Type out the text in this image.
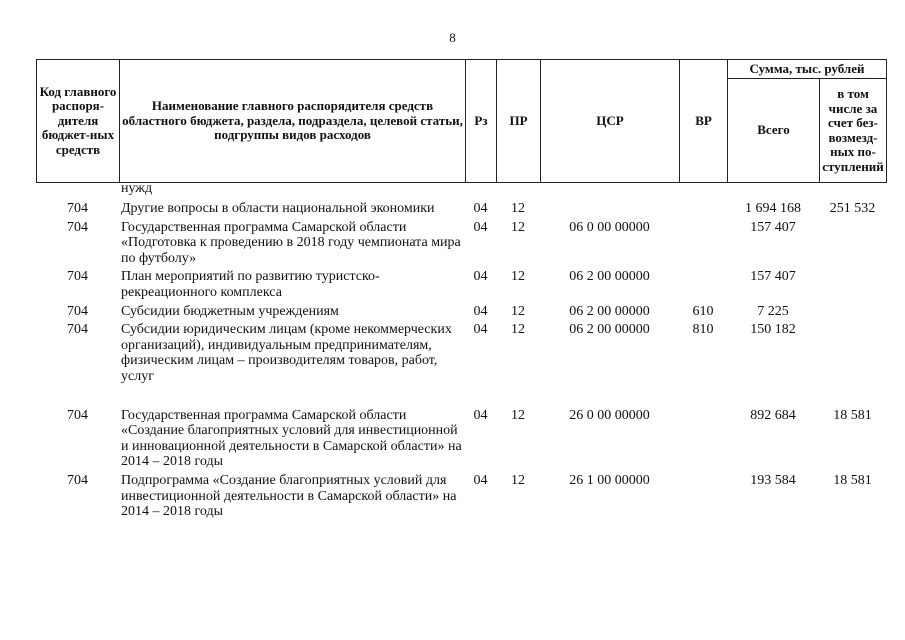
8
Код главного распоря-дителя бюджет-ных средств	Наименование главного распорядителя средств областного бюджета, раздела, подраздела, целевой статьи, подгруппы видов расходов	Рз	ПР	ЦСР	ВР	Сумма, тыс. рублей	
						Всего	в том числе за счет без-возмезд-ных по-ступлений
	нужд						
704	Другие вопросы в области национальной экономики	04	12			1 694 168	251 532
704	Государственная программа Самарской области «Подготовка к проведению в 2018 году чемпионата мира по футболу»	04	12	06 0 00 00000		157 407	
704	План мероприятий по развитию туристско-рекреационного комплекса	04	12	06 2 00 00000		157 407	
704	Субсидии бюджетным учреждениям	04	12	06 2 00 00000	610	7 225	
704	Субсидии юридическим лицам (кроме некоммерческих организаций), индивидуальным предпринимателям, физическим лицам – производителям товаров, работ, услуг	04	12	06 2 00 00000	810	150 182	

704	Государственная программа Самарской области «Создание благоприятных условий для инвестиционной и инновационной деятельности в Самарской области» на 2014 – 2018 годы	04	12	26 0 00 00000		892 684	18 581
704	Подпрограмма «Создание благоприятных условий для инвестиционной деятельности в Самарской области» на 2014 – 2018 годы	04	12	26 1 00 00000		193 584	18 581
